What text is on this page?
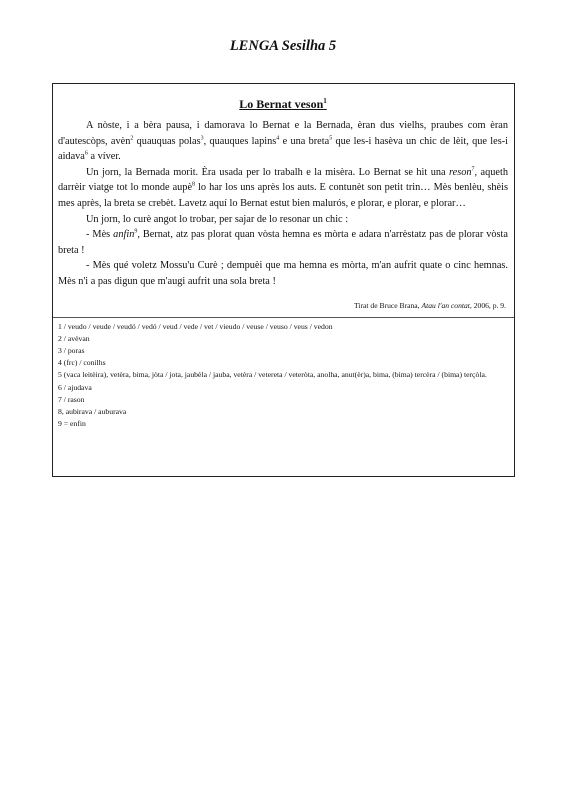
LENGA Sesilha 5
Lo Bernat veson$^1$

A nòste, i a bèra pausa, i damorava lo Bernat e la Bernada, èran dus vielhs, praubes com èran d'autescòps, avèn$^2$ quauquas polas$^3$, quauques lapins$^4$ e una breta$^5$ que les-i hasèva un chic de lèit, que les-i aidava$^6$ a víver.

Un jorn, la Bernada morit. Èra usada per lo trabalh e la misèra. Lo Bernat se hit una reson$^7$, aqueth darrèir viatge tot lo monde aupè$^8$ lo har los uns après los auts. E contunèt son petit trin… Mès benlèu, shèis mes après, la breta se crebèt. Lavetz aquí lo Bernat estut bien malurós, e plorar, e plorar, e plorar…

Un jorn, lo curè angot lo trobar, per sajar de lo resonar un chic :

- Mès anfin$^9$, Bernat, atz pas plorat quan vòsta hemna es mòrta e adara n'arrèstatz pas de plorar vòsta breta !

- Mès qué voletz Mossu'u Curè ; dempuèi que ma hemna es mòrta, m'an aufrit quate o cinc hemnas. Mès n'i a pas digun que m'augi aufrit una sola breta !

Tirat de Bruce Brana, Atau l'an contat, 2006, p. 9.
1 / veudo / veude / veudó / vedó / veud / vede / vet / vieudo / veuse / veuso / veus / vedon
2 / avèvan
3 / poras
4 (frc) / conilhs
5 (vaca leitèira), vetèra, bima, jòta / jota, jaubèla / jauba, vetèra / vetereta / veteròta, anolha, anut(èr)a, bima, (bima) tercèra / (bima) terçòla.
6 / ajudava
7 / rason
8, aubirava / auburava
9 = enfin
